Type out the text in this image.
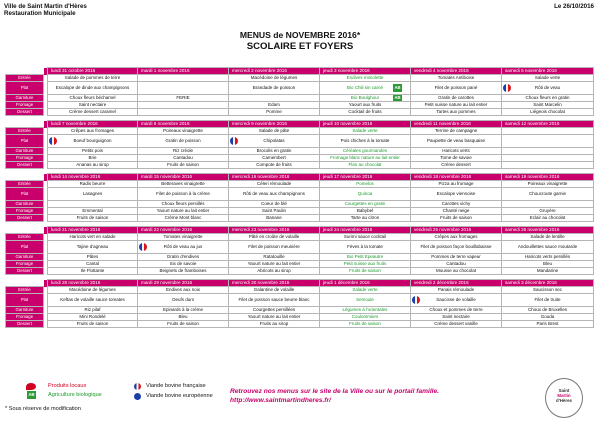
Ville de Saint Martin d'Hères
Restauration Municipale
Le 26/10/2016
MENUS de NOVEMBRE 2016*
SCOLAIRE ET FOYERS
		lundi 31 octobre 2016	mardi 1 novembre 2016	mercredi 2 novembre 2016	jeudi 3 novembre 2016	vendredi 4 novembre 2016	samedi 5 novembre 2016
Entrée		Salade de pommes de terre		Macédoine de légumes	Endives mimolette	Tomates Antiboise	Salade verte
Plat		Escalope de dinde aux champignons		Brandade de poisson	Bio Chili sin carné AB	Filet de poisson pané	Rôti de veau
Garniture		Choux fleurs béchamel	FERIE		Bio Boulghour AB	Gratin de carottes	Choux fleurs en gratin
Fromage		Saint nectaire		Edam	Yaourt aux fruits	Petit suisse nature au lait entier	Saint Marcelin
Dessert		Crème dessert caramel		Pomme	Cocktail de fruits	Tartes aux pommes	Liégeois chocolat

		lundi 7 novembre 2016	mardi 8 novembre 2016	mercredi 9 novembre 2016	jeudi 10 novembre 2016	vendredi 11 novembre 2016	samedi 12 novembre 2016
Entrée		Crêpes aux fromages	Poireaux vinaigrette	Salade de pâte	Salade verte	Terrine de campagne	
Plat		Boeuf bourguignon	Gratin de poisson	Chipolatas	Pois chiches à la tomate	Paupiette de veau basquaise	
Garniture		Petits pois	Riz créole	Brocolis en gratin	Céréales gourmandes	Haricots verts	
Fromage		Brie	Cantadou	Camembert	Fromage blanc nature au lait entier	Tome de savoie	
Dessert		Ananas au sirop	Fruits de saison	Compote de fruits	Flan au chocolat	Crème dessert	

		lundi 14 novembre 2016	mardi 15 novembre 2016	mercredi 16 novembre 2016	jeudi 17 novembre 2016	vendredi 18 novembre 2016	samedi 19 novembre 2016
Entrée		Radis beurre	Betteraves vinaigrette	Céleri rémoulade	Pomelos	Pizza au fromage	Poireaux vinaigrette
Plat		Lasagnes	Filet de poisson à la crème	Rôti de veau aux champignons	Quinoa	Escalope viennoise	Choucroute garnie
Garniture			Choux fleurs persillés	Coeur de blé	Courgettes en gratin	Carottes vichy	
Fromage		Emmental	Yaourt nature au lait entier	Saint Paulin	Babybel	Chanté neige	Gruyère
Dessert		Fruits de saison	Crème Mont blanc	Banane	Tarte au citron	Fruits de saison	Eclair au chocolat

		lundi 21 novembre 2016	mardi 22 novembre 2016	mercredi 23 novembre 2016	jeudi 24 novembre 2016	vendredi 25 novembre 2016	samedi 26 novembre 2016
Entrée		Haricots vert en salade	Tomates vinaigrette	Pâté en croûte de volaille	Surimi sauce cocktail	Crêpes aux fromages	Salade de lentille
Plat		Tajine d'agneau	Rôti de veau au jus	Filet de poisson meunière	Fèves à la tomate	Filet de poisson façon bouillabaisse	Andouillettes sauce moutarde
Garniture		Pâtes	Gratin d'endives	Ratatouille	Bio Petit Epeautre	Pommes de terre vapeur	Haricots verts persillés
Fromage		Cantal	Six de savoie	Yaourt nature au lait entier	Petit suisse aux fruits	Cantadou	Bleu
Dessert		Ile Flottante	Beignets de framboises	Abricots au sirop	Fruits de saison	Mousse au chocolat	Mandarine

		lundi 28 novembre 2016	mardi 29 novembre 2016	mercredi 30 novembre 2016	jeudi 1 décembre 2016	vendredi 2 décembre 2016	samedi 3 décembre 2016
Entrée		Macédoine de légumes	Endives aux noix	Galantine de volaille	Salade verte	Panais rémoulade	Saucisson sec
Plat		Keftas de volaille sauce tomates	Oeufs durs	Filet de poisson sauce beurre blanc	Semoule	Saucisse de volaille	Filet de truite
Garniture		Riz pilaf	Epinards à la crème	Courgettes persillées	Légumes à l'orientales	Choux et pommes de terre	Choux de Bruxelles
Fromage		Mini Rondelé	Bleu	Yaourt nature au lait entier	Coulommiers	Saint nectaire	Gouda
Dessert		Fruits de saison	Fruits de saison	Fruits au sirop	Fruits de saison	Crème dessert vanille	Paris Brest
Produits locaux
AB Agriculture biologique
Viande bovine française
Viande bovine européenne
* Sous réserve de modification
Retrouvez nos menus sur le site de la Ville ou sur le portail famille.
http://www.saintmartindheres.fr/
Saint
Martin
d'Hères
